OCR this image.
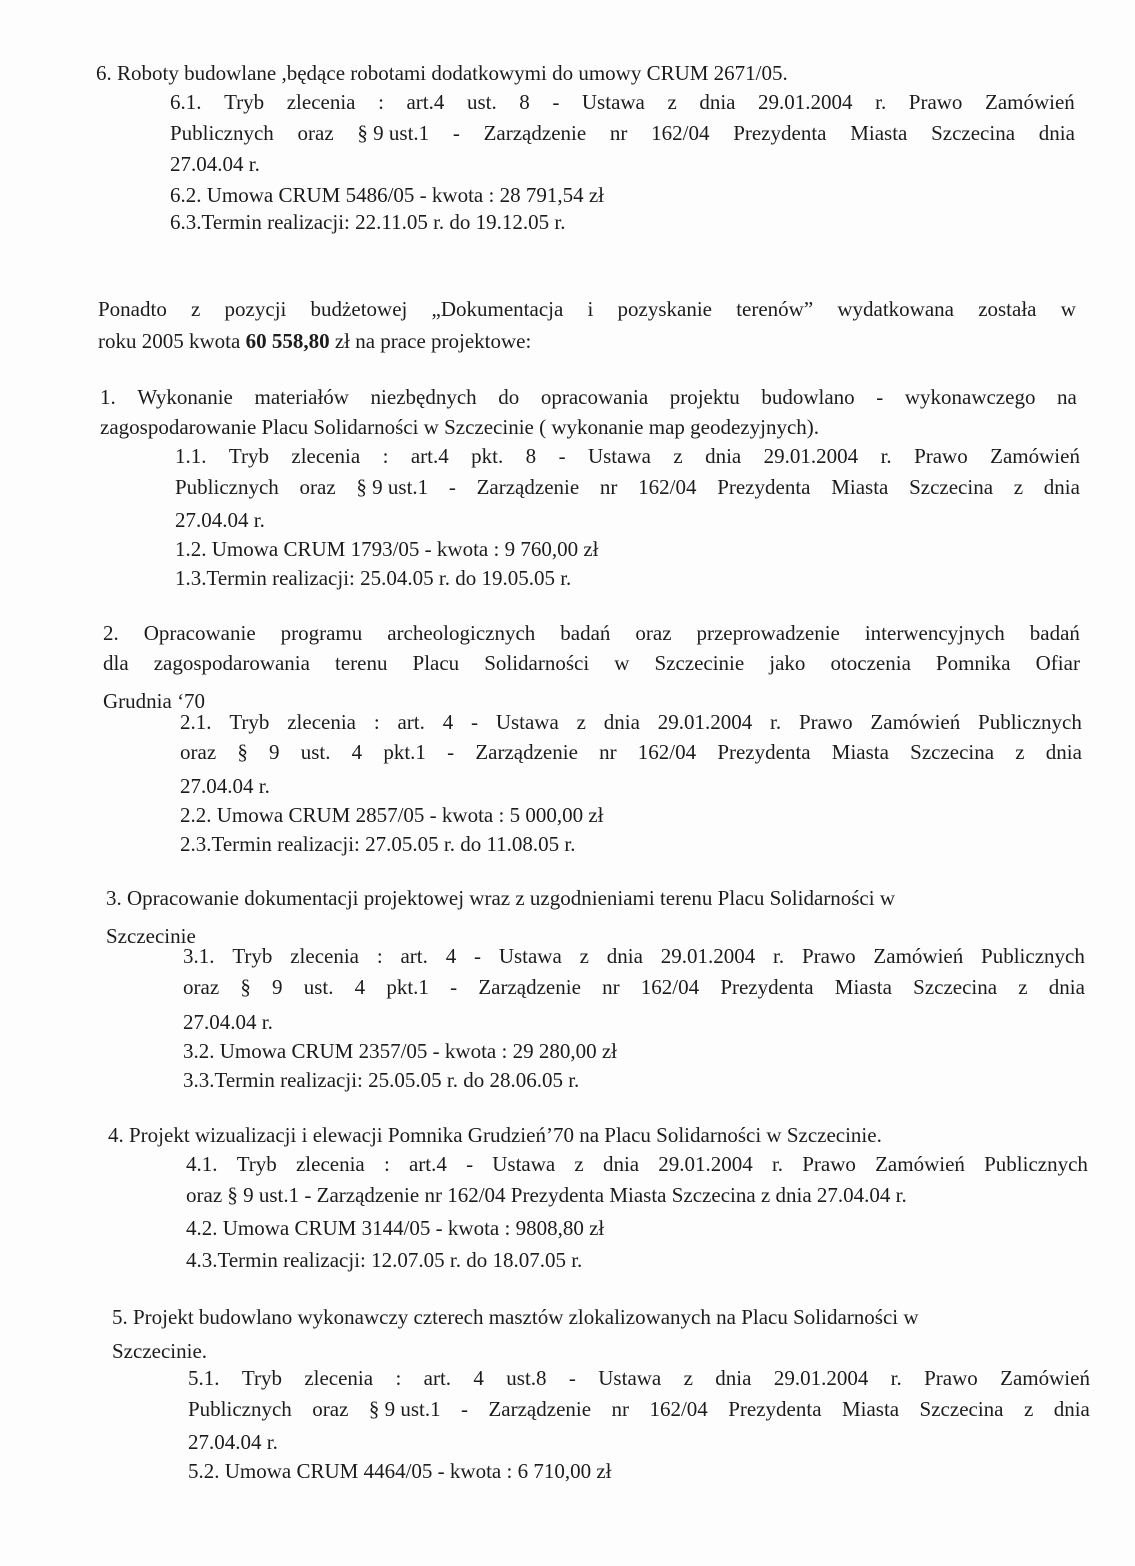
6. Roboty budowlane ,będące robotami dodatkowymi do umowy CRUM 2671/05.
6.1. Tryb zlecenia : art.4 ust. 8 - Ustawa z dnia 29.01.2004 r. Prawo Zamówień
Publicznych oraz § 9 ust.1 - Zarządzenie nr 162/04 Prezydenta Miasta Szczecina dnia
27.04.04 r.
6.2. Umowa CRUM 5486/05 - kwota : 28 791,54 zł
6.3.Termin realizacji: 22.11.05 r. do 19.12.05 r.
Ponadto z pozycji budżetowej „Dokumentacja i pozyskanie terenów” wydatkowana została w
roku 2005 kwota 60 558,80 zł na prace projektowe:
1. Wykonanie materiałów niezbędnych do opracowania projektu budowlano - wykonawczego na
zagospodarowanie Placu Solidarności w Szczecinie ( wykonanie map geodezyjnych).
1.1. Tryb zlecenia : art.4 pkt. 8 - Ustawa z dnia 29.01.2004 r. Prawo Zamówień
Publicznych oraz § 9 ust.1 - Zarządzenie nr 162/04 Prezydenta Miasta Szczecina z dnia
27.04.04 r.
1.2. Umowa CRUM 1793/05 - kwota : 9 760,00 zł
1.3.Termin realizacji: 25.04.05 r. do 19.05.05 r.
2. Opracowanie programu archeologicznych badań oraz przeprowadzenie interwencyjnych badań
dla zagospodarowania terenu Placu Solidarności w Szczecinie jako otoczenia Pomnika Ofiar
Grudnia ‘70
2.1. Tryb zlecenia : art. 4 - Ustawa z dnia 29.01.2004 r. Prawo Zamówień Publicznych
oraz § 9 ust. 4 pkt.1 - Zarządzenie nr 162/04 Prezydenta Miasta Szczecina z dnia
27.04.04 r.
2.2. Umowa CRUM 2857/05 - kwota : 5 000,00 zł
2.3.Termin realizacji: 27.05.05 r. do 11.08.05 r.
3. Opracowanie dokumentacji projektowej wraz z uzgodnieniami terenu Placu Solidarności w
Szczecinie
3.1. Tryb zlecenia : art. 4 - Ustawa z dnia 29.01.2004 r. Prawo Zamówień Publicznych
oraz § 9 ust. 4 pkt.1 - Zarządzenie nr 162/04 Prezydenta Miasta Szczecina z dnia
27.04.04 r.
3.2. Umowa CRUM 2357/05 - kwota : 29 280,00 zł
3.3.Termin realizacji: 25.05.05 r. do 28.06.05 r.
4. Projekt wizualizacji i elewacji Pomnika Grudzień’70 na Placu Solidarności w Szczecinie.
4.1. Tryb zlecenia : art.4 - Ustawa z dnia 29.01.2004 r. Prawo Zamówień Publicznych
oraz § 9 ust.1 - Zarządzenie nr 162/04 Prezydenta Miasta Szczecina z dnia 27.04.04 r.
4.2. Umowa CRUM 3144/05 - kwota : 9808,80 zł
4.3.Termin realizacji: 12.07.05 r. do 18.07.05 r.
5. Projekt budowlano wykonawczy czterech masztów zlokalizowanych na Placu Solidarności w
Szczecinie.
5.1. Tryb zlecenia : art. 4 ust.8 - Ustawa z dnia 29.01.2004 r. Prawo Zamówień
Publicznych oraz § 9 ust.1 - Zarządzenie nr 162/04 Prezydenta Miasta Szczecina z dnia
27.04.04 r.
5.2. Umowa CRUM 4464/05 - kwota : 6 710,00 zł
